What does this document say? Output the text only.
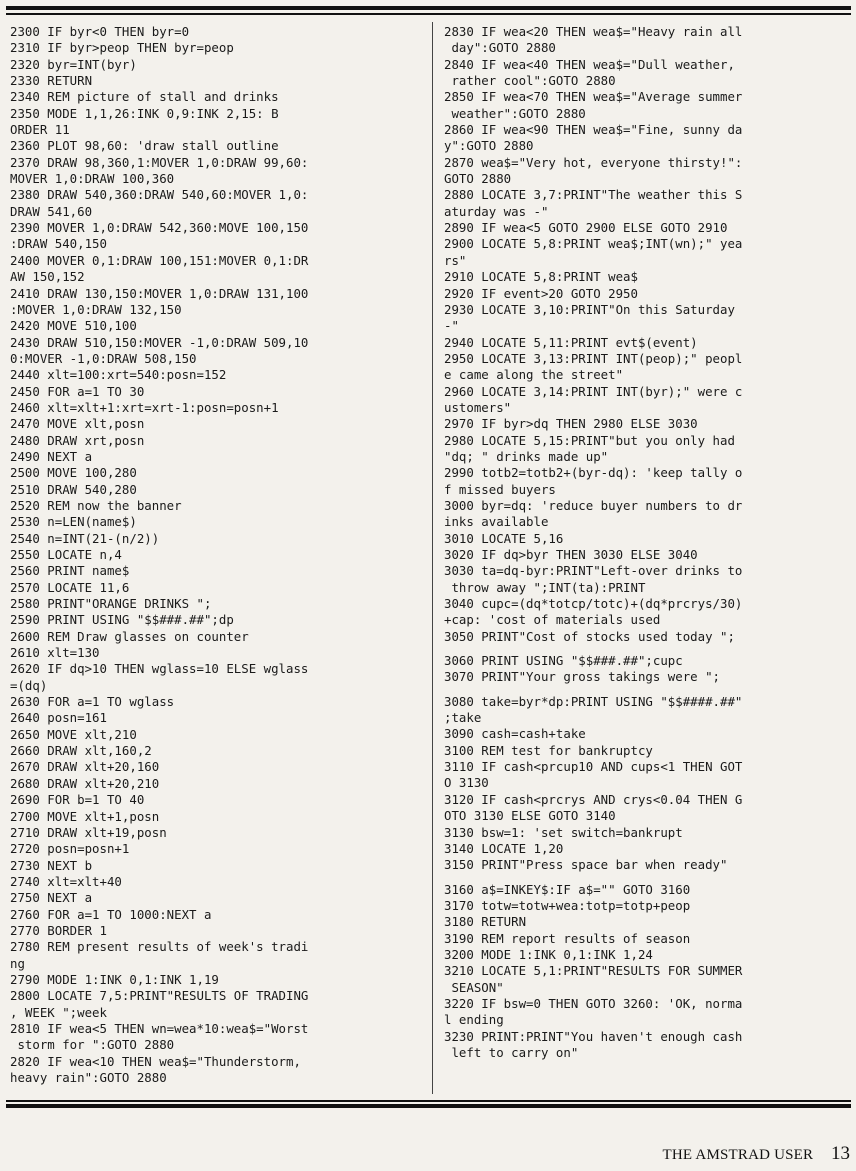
2300 IF byr<0 THEN byr=0
2310 IF byr>peop THEN byr=peop
2320 byr=INT(byr)
2330 RETURN
2340 REM picture of stall and drinks
2350 MODE 1,1,26:INK 0,9:INK 2,15: B
ORDER 11
2360 PLOT 98,60: 'draw stall outline
2370 DRAW 98,360,1:MOVER 1,0:DRAW 99,60:
MOVER 1,0:DRAW 100,360
2380 DRAW 540,360:DRAW 540,60:MOVER 1,0:
DRAW 541,60
2390 MOVER 1,0:DRAW 542,360:MOVE 100,150
:DRAW 540,150
2400 MOVER 0,1:DRAW 100,151:MOVER 0,1:DR
AW 150,152
2410 DRAW 130,150:MOVER 1,0:DRAW 131,100
:MOVER 1,0:DRAW 132,150
2420 MOVE 510,100
2430 DRAW 510,150:MOVER -1,0:DRAW 509,10
0:MOVER -1,0:DRAW 508,150
2440 xlt=100:xrt=540:posn=152
2450 FOR a=1 TO 30
2460 xlt=xlt+1:xrt=xrt-1:posn=posn+1
2470 MOVE xlt,posn
2480 DRAW xrt,posn
2490 NEXT a
2500 MOVE 100,280
2510 DRAW 540,280
2520 REM now the banner
2530 n=LEN(name$)
2540 n=INT(21-(n/2))
2550 LOCATE n,4
2560 PRINT name$
2570 LOCATE 11,6
2580 PRINT"ORANGE DRINKS ";
2590 PRINT USING "$$###.##";dp
2600 REM Draw glasses on counter
2610 xlt=130
2620 IF dq>10 THEN wglass=10 ELSE wglass
=(dq)
2630 FOR a=1 TO wglass
2640 posn=161
2650 MOVE xlt,210
2660 DRAW xlt,160,2
2670 DRAW xlt+20,160
2680 DRAW xlt+20,210
2690 FOR b=1 TO 40
2700 MOVE xlt+1,posn
2710 DRAW xlt+19,posn
2720 posn=posn+1
2730 NEXT b
2740 xlt=xlt+40
2750 NEXT a
2760 FOR a=1 TO 1000:NEXT a
2770 BORDER 1
2780 REM present results of week's tradi
ng
2790 MODE 1:INK 0,1:INK 1,19
2800 LOCATE 7,5:PRINT"RESULTS OF TRADING
, WEEK ";week
2810 IF wea<5 THEN wn=wea*10:wea$="Worst
storm for ":GOTO 2880
2820 IF wea<10 THEN wea$="Thunderstorm,
heavy rain":GOTO 2880
2830 IF wea<20 THEN wea$="Heavy rain all
day":GOTO 2880
2840 IF wea<40 THEN wea$="Dull weather,
rather cool":GOTO 2880
2850 IF wea<70 THEN wea$="Average summer
weather":GOTO 2880
2860 IF wea<90 THEN wea$="Fine, sunny da
y":GOTO 2880
2870 wea$="Very hot, everyone thirsty!":
GOTO 2880
2880 LOCATE 3,7:PRINT"The weather this S
aturday was -"
2890 IF wea<5 GOTO 2900 ELSE GOTO 2910
2900 LOCATE 5,8:PRINT wea$;INT(wn);" yea
rs"
2910 LOCATE 5,8:PRINT wea$
2920 IF event>20 GOTO 2950
2930 LOCATE 3,10:PRINT"On this Saturday
-"
2940 LOCATE 5,11:PRINT evt$(event)
2950 LOCATE 3,13:PRINT INT(peop);" peopl
e came along the street"
2960 LOCATE 3,14:PRINT INT(byr);" were c
ustomers"
2970 IF byr>dq THEN 2980 ELSE 3030
2980 LOCATE 5,15:PRINT"but you only had
"dq; " drinks made up"
2990 totb2=totb2+(byr-dq): 'keep tally o
f missed buyers
3000 byr=dq: 'reduce buyer numbers to dr
inks available
3010 LOCATE 5,16
3020 IF dq>byr THEN 3030 ELSE 3040
3030 ta=dq-byr:PRINT"Left-over drinks to
throw away ";INT(ta):PRINT
3040 cupc=(dq*totcp/totc)+(dq*prcrys/30)
+cap: 'cost of materials used
3050 PRINT"Cost of stocks used today ";
3060 PRINT USING "$$###.##";cupc
3070 PRINT"Your gross takings were ";
3080 take=byr*dp:PRINT USING "$$####.##"
;take
3090 cash=cash+take
3100 REM test for bankruptcy
3110 IF cash<prcup10 AND cups<1 THEN GOT
O 3130
3120 IF cash<prcrys AND crys<0.04 THEN G
OTO 3130 ELSE GOTO 3140
3130 bsw=1: 'set switch=bankrupt
3140 LOCATE 1,20
3150 PRINT"Press space bar when ready"
3160 a$=INKEY$:IF a$="" GOTO 3160
3170 totw=totw+wea:totp=totp+peop
3180 RETURN
3190 REM report results of season
3200 MODE 1:INK 0,1:INK 1,24
3210 LOCATE 5,1:PRINT"RESULTS FOR SUMMER
SEASON"
3220 IF bsw=0 THEN GOTO 3260: 'OK, norma
l ending
3230 PRINT:PRINT"You haven't enough cash
left to carry on"
THE AMSTRAD USER 13
